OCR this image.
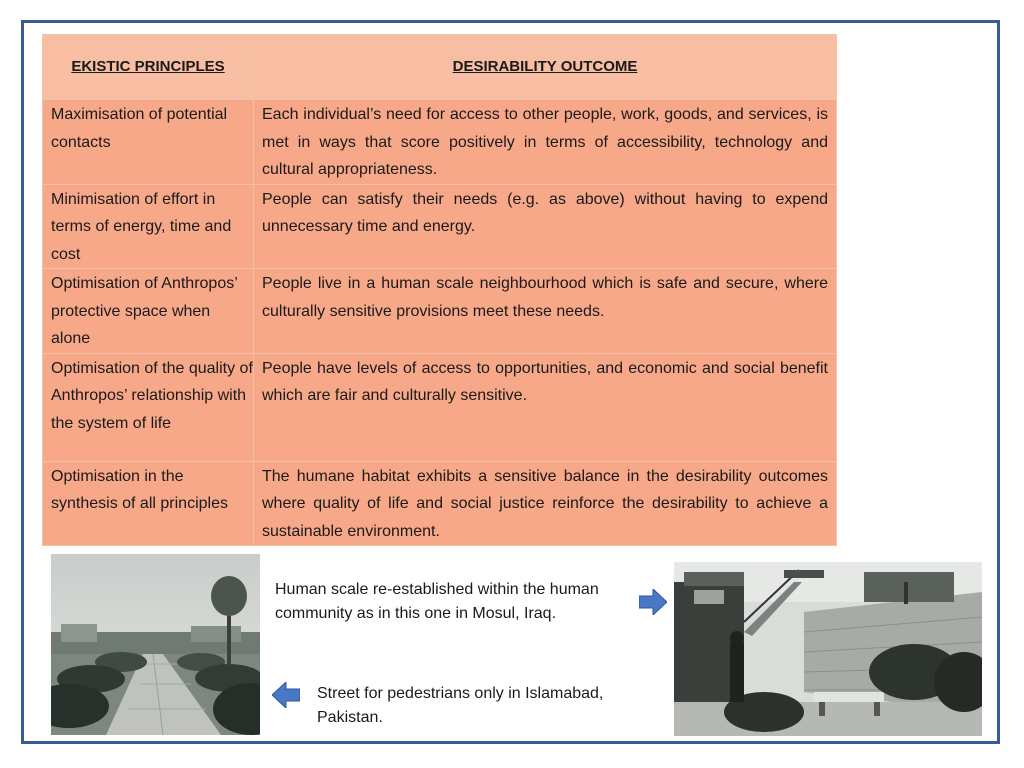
EKISTIC PRINCIPLES	DESIRABILITY OUTCOME
Maximisation of potential contacts	Each individual’s need for access to other people, work, goods, and services, is met in ways that score positively in terms of accessibility, technology and cultural appropriateness.
Minimisation of effort in terms of energy, time and cost	People can satisfy their needs (e.g. as above) without having to expend unnecessary time and energy.
Optimisation of Anthropos’ protective space when alone	People live in a human scale neighbourhood which is safe and secure, where culturally sensitive provisions meet these needs.
Optimisation of the quality of Anthropos’ relationship with the system of life	People have levels of access to opportunities, and economic and social benefit which are fair and culturally sensitive.
Optimisation in the synthesis of all principles	The humane habitat exhibits a sensitive balance in the desirability outcomes where quality of life and social justice reinforce the desirability to achieve a sustainable environment.
Human scale re-established within the human community as in this one in Mosul, Iraq.
Street for pedestrians only in Islamabad, Pakistan.
